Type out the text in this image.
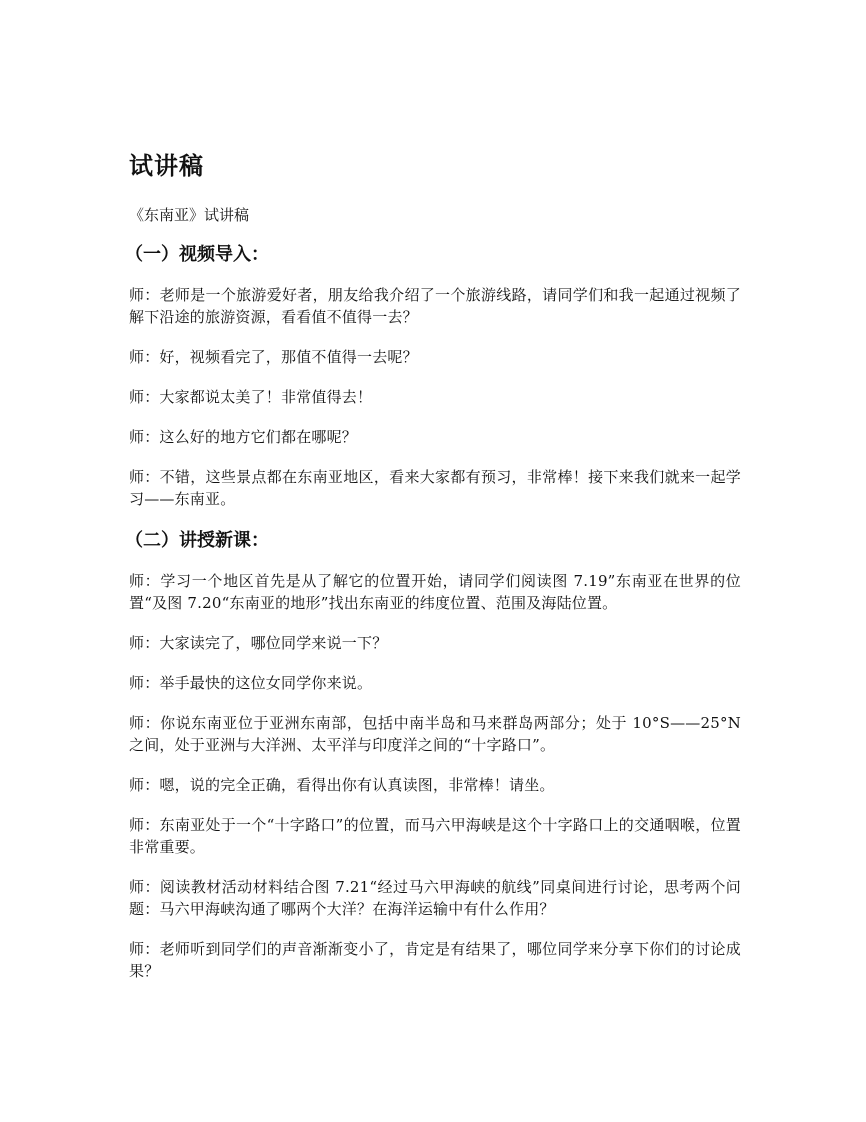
试讲稿

《东南亚》试讲稿

（一）视频导入：

师：老师是一个旅游爱好者，朋友给我介绍了一个旅游线路，请同学们和我一起通过视频了解下沿途的旅游资源，看看值不值得一去？

师：好，视频看完了，那值不值得一去呢？

师：大家都说太美了！非常值得去！

师：这么好的地方它们都在哪呢？

师：不错，这些景点都在东南亚地区，看来大家都有预习，非常棒！接下来我们就来一起学习——东南亚。

（二）讲授新课：

师：学习一个地区首先是从了解它的位置开始，请同学们阅读图 7.19”东南亚在世界的位置“及图 7.20“东南亚的地形”找出东南亚的纬度位置、范围及海陆位置。

师：大家读完了，哪位同学来说一下？

师：举手最快的这位女同学你来说。

师：你说东南亚位于亚洲东南部，包括中南半岛和马来群岛两部分；处于 10°S——25°N 之间，处于亚洲与大洋洲、太平洋与印度洋之间的“十字路口”。

师：嗯，说的完全正确，看得出你有认真读图，非常棒！请坐。

师：东南亚处于一个“十字路口”的位置，而马六甲海峡是这个十字路口上的交通咽喉，位置非常重要。

师：阅读教材活动材料结合图 7.21“经过马六甲海峡的航线”同桌间进行讨论，思考两个问题：马六甲海峡沟通了哪两个大洋？在海洋运输中有什么作用？

师：老师听到同学们的声音渐渐变小了，肯定是有结果了，哪位同学来分享下你们的讨论成果？
